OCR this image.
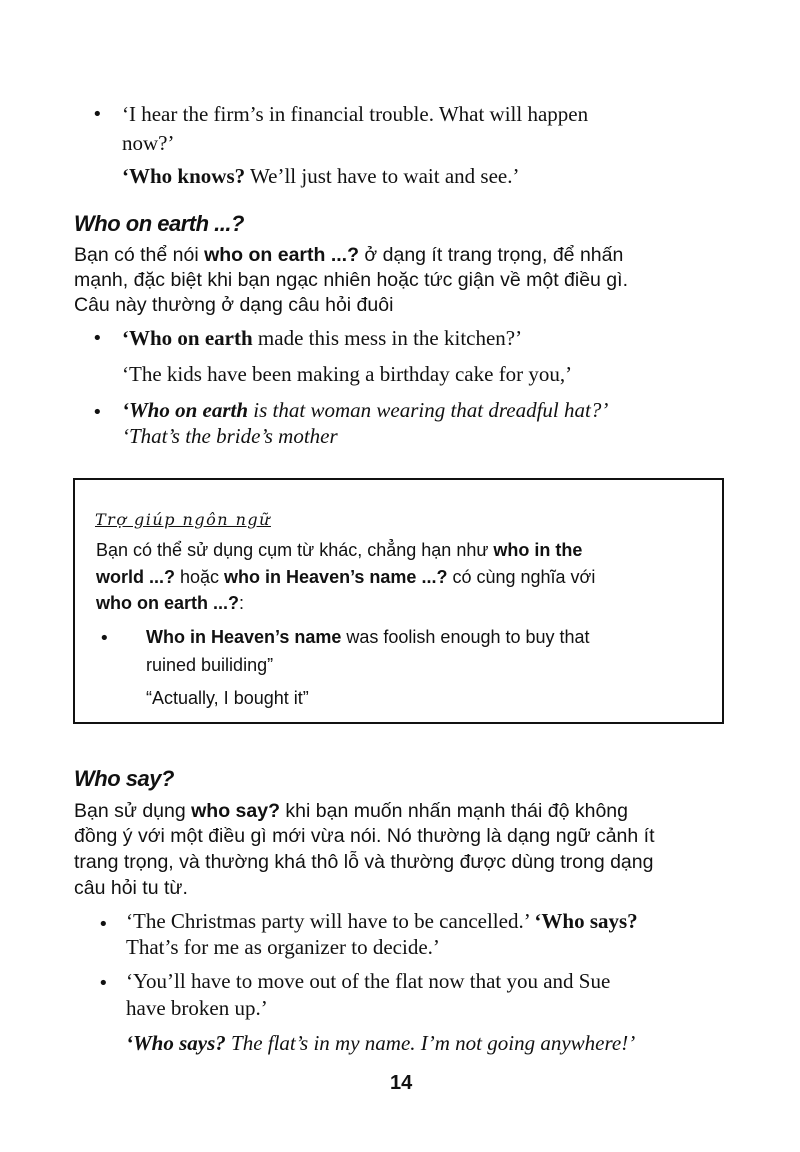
• ‘I hear the firm’s in financial trouble. What will happen
now?’
‘Who knows? We’ll just have to wait and see.’
Who on earth ...?
Bạn có thể nói who on earth ...? ở dạng ít trang trọng, để nhấn
mạnh, đặc biệt khi bạn ngạc nhiên hoặc tức giận về một điều gì.
Câu này thường ở dạng câu hỏi đuôi
• ‘Who on earth made this mess in the kitchen?’
‘The kids have been making a birthday cake for you,’
• ‘Who on earth is that woman wearing that dreadful hat?’
‘That’s the bride’s mother
Trợ giúp ngôn ngữ
Bạn có thể sử dụng cụm từ khác, chẳng hạn như who in the
world ...? hoặc who in Heaven’s name ...? có cùng nghĩa với
who on earth ...?:
• Who in Heaven’s name was foolish enough to buy that
ruined builiding”
“Actually, I bought it”
Who say?
Bạn sử dụng who say? khi bạn muốn nhấn mạnh thái độ không
đồng ý với một điều gì mới vừa nói. Nó thường là dạng ngữ cảnh ít
trang trọng, và thường khá thô lỗ và thường được dùng trong dạng
câu hỏi tu từ.
• ‘The Christmas party will have to be cancelled.’ ‘Who says?
That’s for me as organizer to decide.’
• ‘You’ll have to move out of the flat now that you and Sue
have broken up.’
‘Who says? The flat’s in my name. I’m not going anywhere!’
14
